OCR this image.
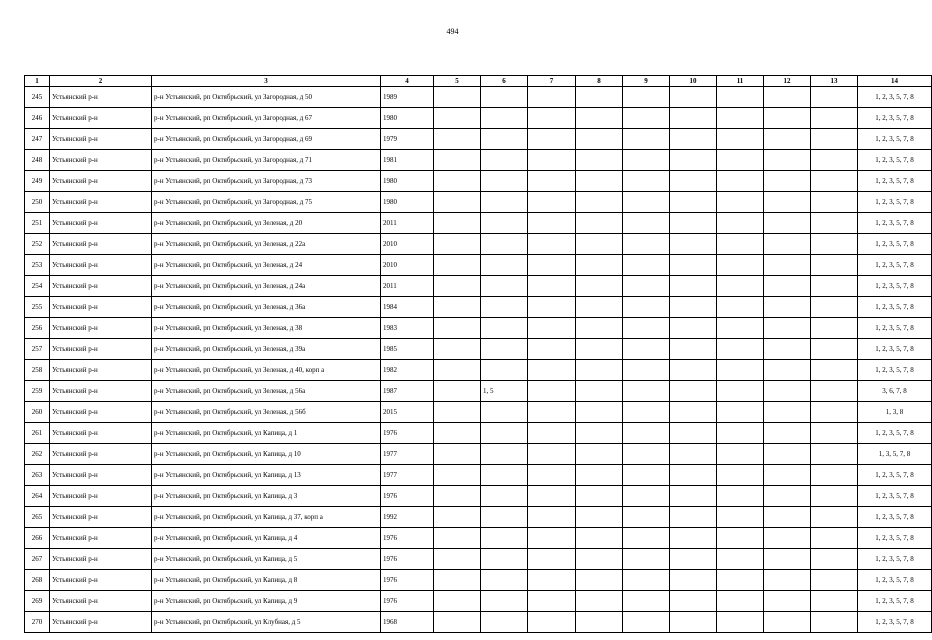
494
1	2	3	4	5	6	7	8	9	10	11	12	13	14
245	Устьянский р-н	р-н Устьянский, рп Октябрьский, ул Загородная, д 50	1989										1, 2, 3, 5, 7, 8
246	Устьянский р-н	р-н Устьянский, рп Октябрьский, ул Загородная, д 67	1980										1, 2, 3, 5, 7, 8
247	Устьянский р-н	р-н Устьянский, рп Октябрьский, ул Загородная, д 69	1979										1, 2, 3, 5, 7, 8
248	Устьянский р-н	р-н Устьянский, рп Октябрьский, ул Загородная, д 71	1981										1, 2, 3, 5, 7, 8
249	Устьянский р-н	р-н Устьянский, рп Октябрьский, ул Загородная, д 73	1980										1, 2, 3, 5, 7, 8
250	Устьянский р-н	р-н Устьянский, рп Октябрьский, ул Загородная, д 75	1980										1, 2, 3, 5, 7, 8
251	Устьянский р-н	р-н Устьянский, рп Октябрьский, ул Зеленая, д 20	2011										1, 2, 3, 5, 7, 8
252	Устьянский р-н	р-н Устьянский, рп Октябрьский, ул Зеленая, д 22а	2010										1, 2, 3, 5, 7, 8
253	Устьянский р-н	р-н Устьянский, рп Октябрьский, ул Зеленая, д 24	2010										1, 2, 3, 5, 7, 8
254	Устьянский р-н	р-н Устьянский, рп Октябрьский, ул Зеленая, д 24а	2011										1, 2, 3, 5, 7, 8
255	Устьянский р-н	р-н Устьянский, рп Октябрьский, ул Зеленая, д 36а	1984										1, 2, 3, 5, 7, 8
256	Устьянский р-н	р-н Устьянский, рп Октябрьский, ул Зеленая, д 38	1983										1, 2, 3, 5, 7, 8
257	Устьянский р-н	р-н Устьянский, рп Октябрьский, ул Зеленая, д 39а	1985										1, 2, 3, 5, 7, 8
258	Устьянский р-н	р-н Устьянский, рп Октябрьский, ул Зеленая, д 40, корп а	1982										1, 2, 3, 5, 7, 8
259	Устьянский р-н	р-н Устьянский, рп Октябрьский, ул Зеленая, д 56а	1987		1, 5								3, 6, 7, 8
260	Устьянский р-н	р-н Устьянский, рп Октябрьский, ул Зеленая, д 56б	2015										1, 3, 8
261	Устьянский р-н	р-н Устьянский, рп Октябрьский, ул Капица, д 1	1976										1, 2, 3, 5, 7, 8
262	Устьянский р-н	р-н Устьянский, рп Октябрьский, ул Капица, д 10	1977										1, 3, 5, 7, 8
263	Устьянский р-н	р-н Устьянский, рп Октябрьский, ул Капица, д 13	1977										1, 2, 3, 5, 7, 8
264	Устьянский р-н	р-н Устьянский, рп Октябрьский, ул Капица, д 3	1976										1, 2, 3, 5, 7, 8
265	Устьянский р-н	р-н Устьянский, рп Октябрьский, ул Капица, д 37, корп а	1992										1, 2, 3, 5, 7, 8
266	Устьянский р-н	р-н Устьянский, рп Октябрьский, ул Капица, д 4	1976										1, 2, 3, 5, 7, 8
267	Устьянский р-н	р-н Устьянский, рп Октябрьский, ул Капица, д 5	1976										1, 2, 3, 5, 7, 8
268	Устьянский р-н	р-н Устьянский, рп Октябрьский, ул Капица, д 8	1976										1, 2, 3, 5, 7, 8
269	Устьянский р-н	р-н Устьянский, рп Октябрьский, ул Капица, д 9	1976										1, 2, 3, 5, 7, 8
270	Устьянский р-н	р-н Устьянский, рп Октябрьский, ул Клубная, д 5	1968										1, 2, 3, 5, 7, 8
